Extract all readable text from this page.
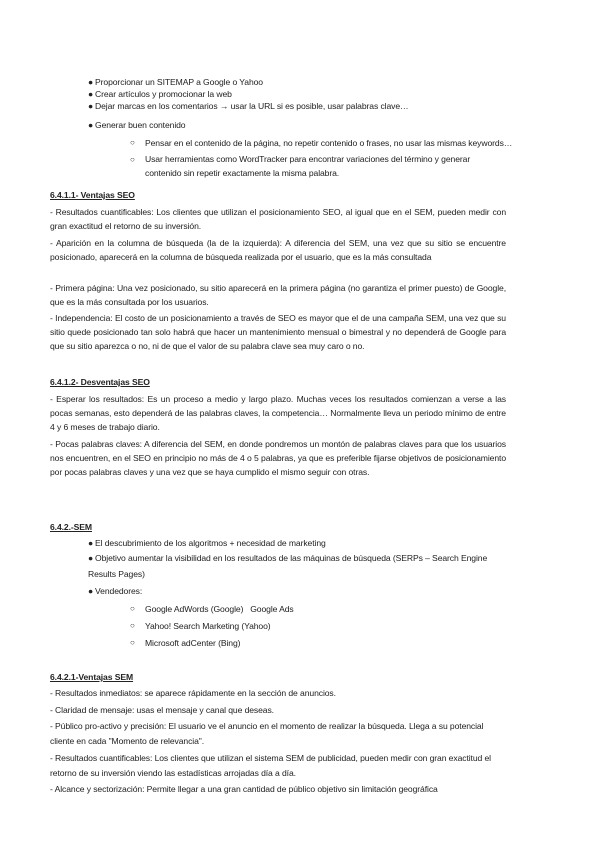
● Proporcionar un SITEMAP a Google o Yahoo
● Crear artículos y promocionar la web
● Dejar marcas en los comentarios → usar la URL si es posible, usar palabras clave…
● Generar buen contenido
○ Pensar en el contenido de la página, no repetir contenido o frases, no usar las mismas keywords…
○ Usar herramientas como WordTracker para encontrar variaciones del término y generar contenido sin repetir exactamente la misma palabra.
6.4.1.1- Ventajas SEO
- Resultados cuantificables: Los clientes que utilizan el posicionamiento SEO, al igual que en el SEM, pueden medir con gran exactitud el retorno de su inversión.
- Aparición en la columna de búsqueda (la de la izquierda): A diferencia del SEM, una vez que su sitio se encuentre posicionado, aparecerá en la columna de búsqueda realizada por el usuario, que es la más consultada
- Primera página: Una vez posicionado, su sitio aparecerá en la primera página (no garantiza el primer puesto) de Google, que es la más consultada por los usuarios.
- Independencia: El costo de un posicionamiento a través de SEO es mayor que el de una campaña SEM, una vez que su sitio quede posicionado tan solo habrá que hacer un mantenimiento mensual o bimestral y no dependerá de Google para que su sitio aparezca o no, ni de que el valor de su palabra clave sea muy caro o no.
6.4.1.2- Desventajas SEO
- Esperar los resultados: Es un proceso a medio y largo plazo. Muchas veces los resultados comienzan a verse a las pocas semanas, esto dependerá de las palabras claves, la competencia… Normalmente lleva un periodo mínimo de entre 4 y 6 meses de trabajo diario.
- Pocas palabras claves: A diferencia del SEM, en donde pondremos un montón de palabras claves para que los usuarios nos encuentren, en el SEO en principio no más de 4 o 5 palabras, ya que es preferible fijarse objetivos de posicionamiento por pocas palabras claves y una vez que se haya cumplido el mismo seguir con otras.
6.4.2.-SEM
● El descubrimiento de los algoritmos + necesidad de marketing
● Objetivo aumentar la visibilidad en los resultados de las máquinas de búsqueda (SERPs – Search Engine Results Pages)
● Vendedores:
○ Google AdWords (Google)   Google Ads
○ Yahoo! Search Marketing (Yahoo)
○ Microsoft adCenter (Bing)
6.4.2.1-Ventajas SEM
- Resultados inmediatos: se aparece rápidamente en la sección de anuncios.
- Claridad de mensaje: usas el mensaje y canal que deseas.
- Público pro-activo y precisión: El usuario ve el anuncio en el momento de realizar la búsqueda. Llega a su potencial cliente en cada "Momento de relevancia".
- Resultados cuantificables: Los clientes que utilizan el sistema SEM de publicidad, pueden medir con gran exactitud el retorno de su inversión viendo las estadísticas arrojadas día a día.
- Alcance y sectorización: Permite llegar a una gran cantidad de público objetivo sin limitación geográfica
